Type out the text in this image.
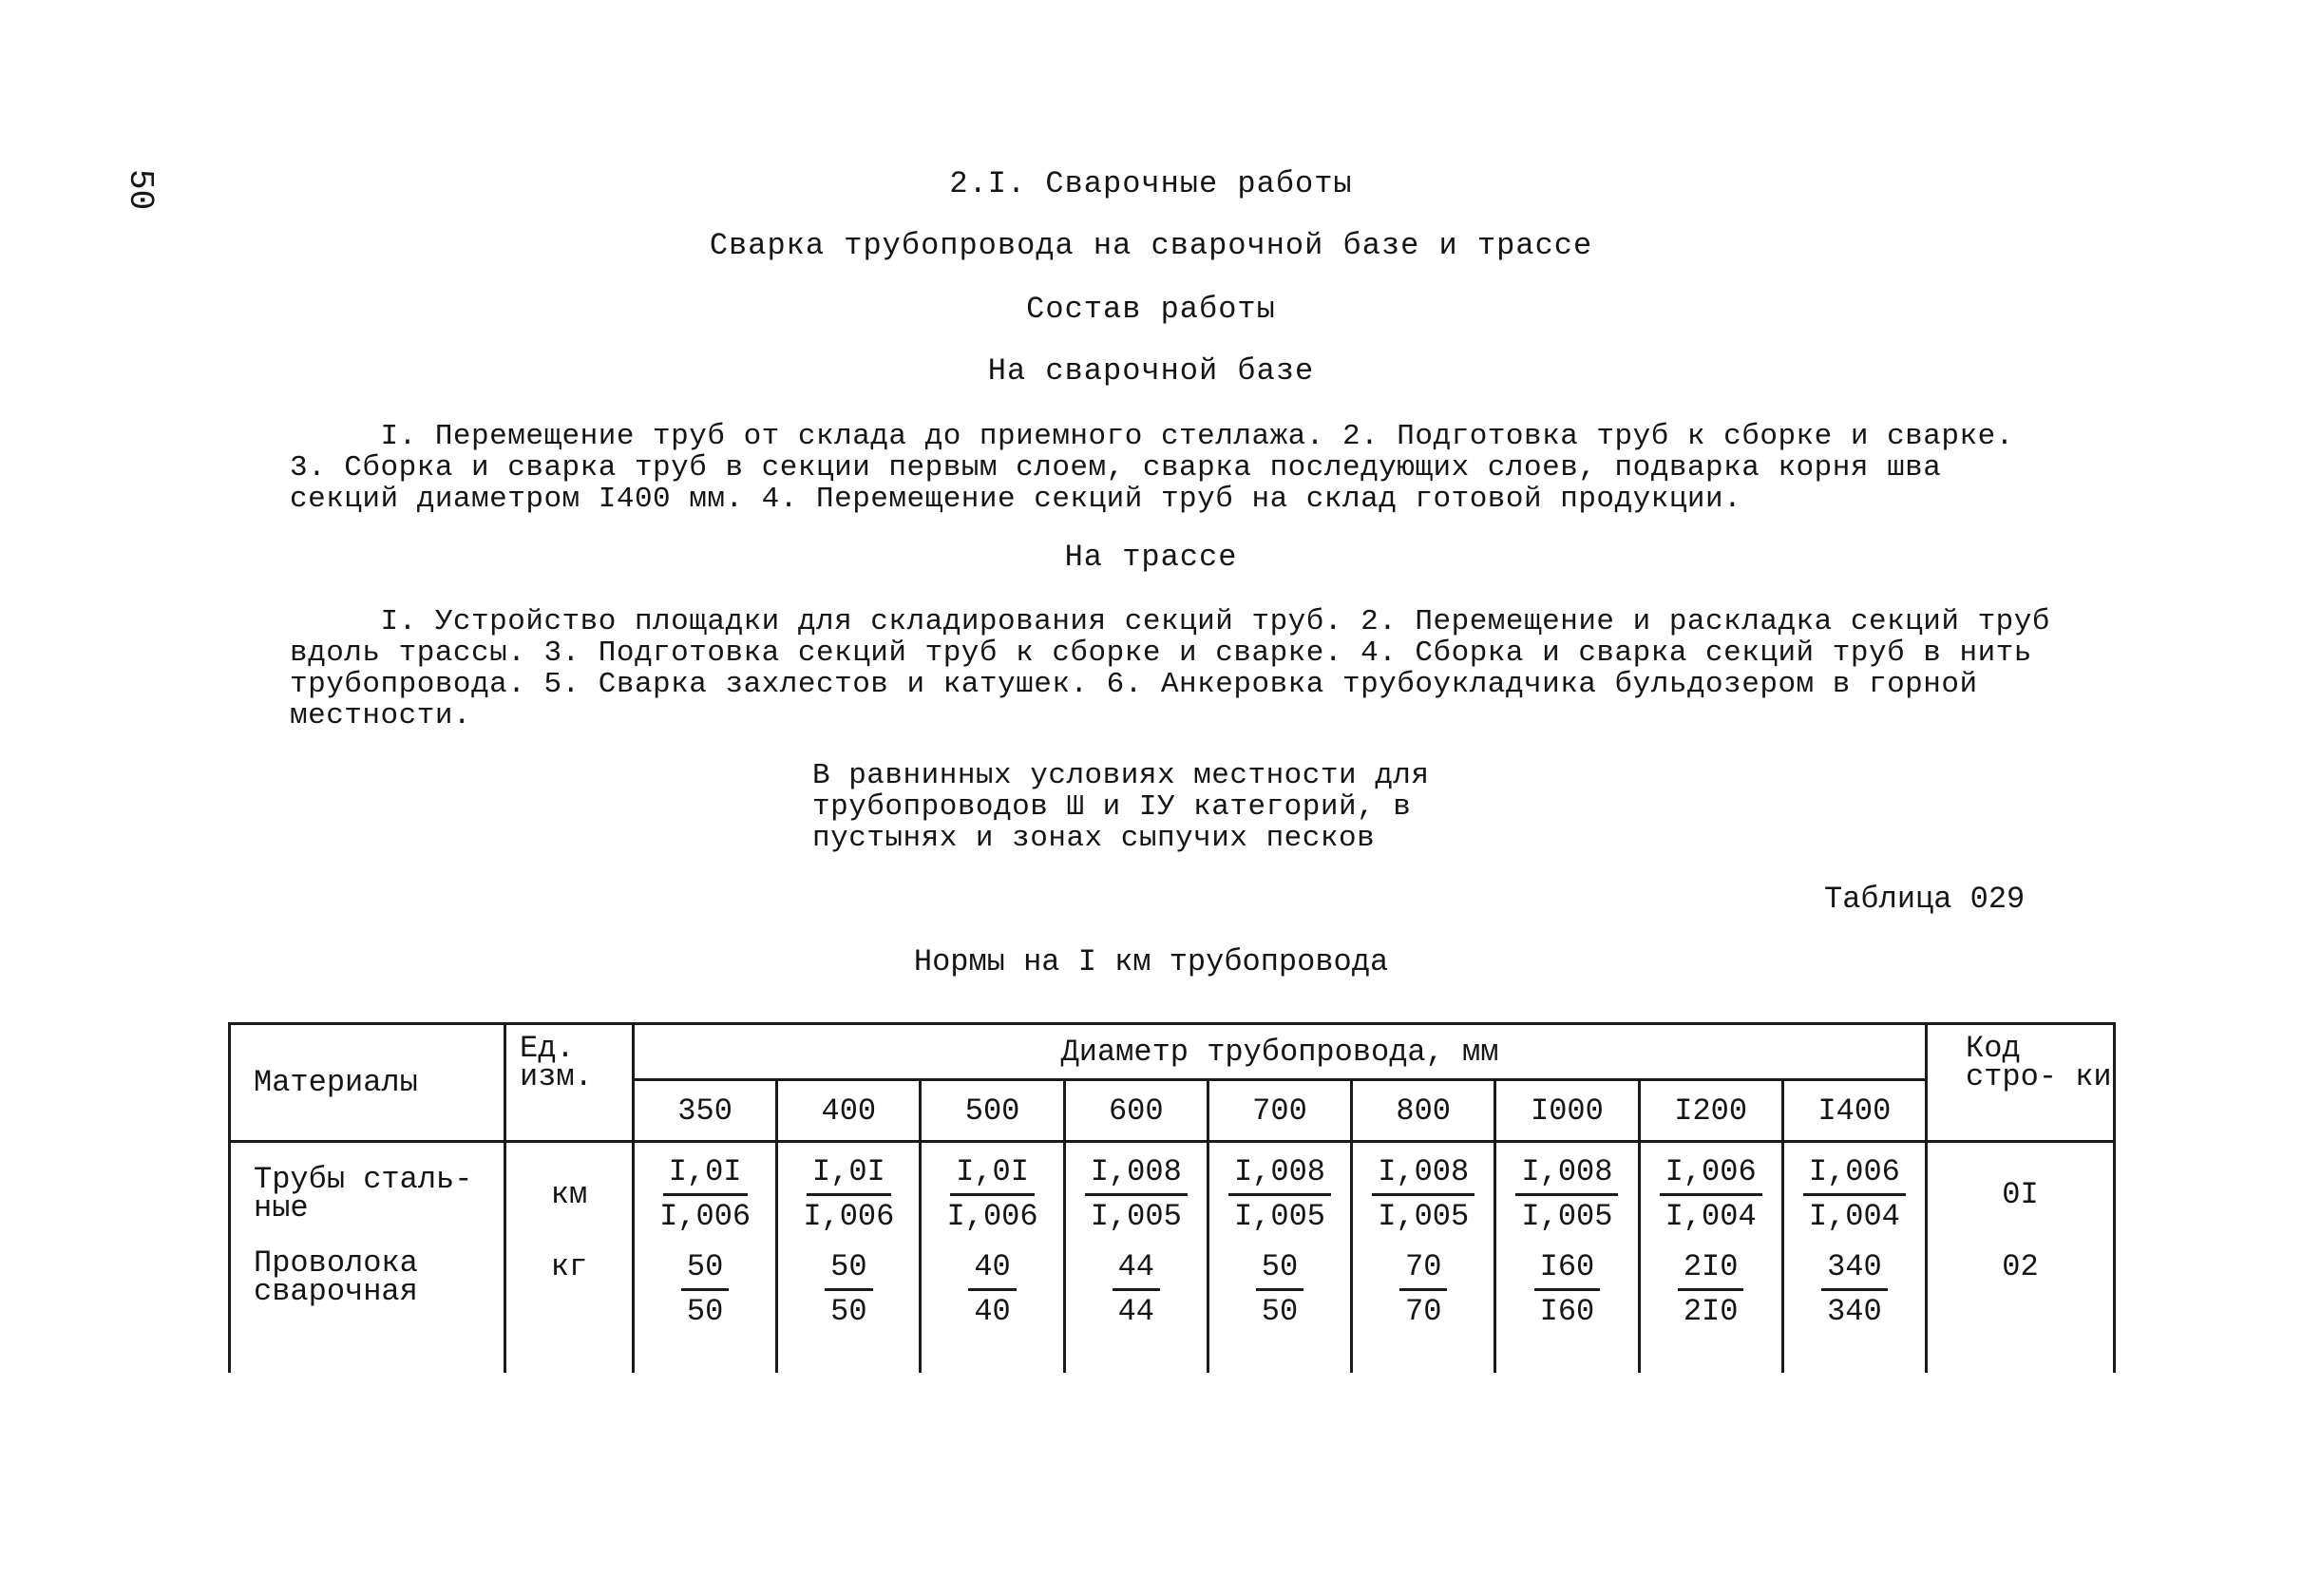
50	2.I. Сварочные работы
Сварка трубопровода на сварочной базе и трассе
Состав работы
На сварочной базе
I. Перемещение труб от склада до приемного стеллажа. 2. Подготовка труб к сборке и сварке.
3. Сборка и сварка труб в секции первым слоем, сварка последующих слоев, подварка корня шва
секций диаметром I400 мм. 4. Перемещение секций труб на склад готовой продукции.
На трассе
I. Устройство площадки для складирования секций труб. 2. Перемещение и раскладка секций труб
вдоль трассы. 3. Подготовка секций труб к сборке и сварке. 4. Сборка и сварка секций труб в нить
трубопровода. 5. Сварка захлестов и катушек. 6. Анкеровка трубоукладчика бульдозером в горной
местности.
В равнинных условиях местности для трубопроводов Ш и IУ категорий, в пустынях и зонах сыпучих песков
Таблица 029
Нормы на I км трубопровода
Материалы	Ед. изм.	Диаметр трубопровода, мм									Код стро- ки
		350	400	500	600	700	800	I000	I200	I400	
Трубы сталь- ные	км	$\frac{I,0I}{I,006}$	$\frac{I,0I}{I,006}$	$\frac{I,0I}{I,006}$	$\frac{I,008}{I,005}$	$\frac{I,008}{I,005}$	$\frac{I,008}{I,005}$	$\frac{I,008}{I,005}$	$\frac{I,006}{I,004}$	$\frac{I,006}{I,004}$	0I
Проволока сварочная	кг	$\frac{50}{50}$	$\frac{50}{50}$	$\frac{40}{40}$	$\frac{44}{44}$	$\frac{50}{50}$	$\frac{70}{70}$	$\frac{I60}{I60}$	$\frac{2I0}{2I0}$	$\frac{340}{340}$	02
